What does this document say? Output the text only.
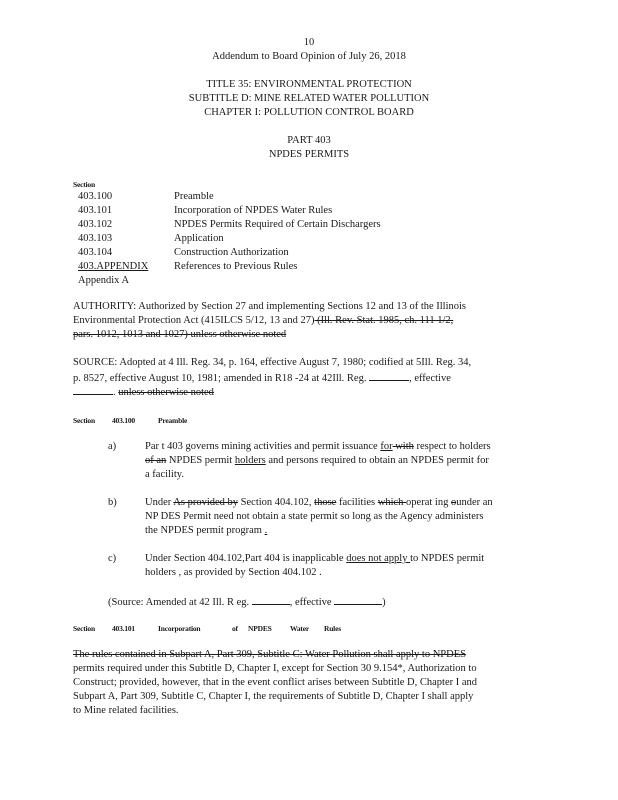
10
Addendum to Board Opinion of July 26, 2018
TITLE 35: ENVIRONMENTAL PROTECTION
SUBTITLE D: MINE RELATED WATER POLLUTION
CHAPTER I: POLLUTION CONTROL BOARD
PART 403
NPDES PERMITS
Section
403.100	Preamble
403.101	Incorporation of NPDES Water Rules
403.102	NPDES Permits Required of Certain Dischargers
403.103	Application
403.104	Construction Authorization
403.APPENDIX	References to Previous Rules
Appendix A
AUTHORITY: Authorized by Section 27 and implementing Sections 12 and 13 of the Illinois
Environmental Protection Act (415ILCS 5/12, 13 and 27) (Ill. Rev. Stat. 1985, ch. 111 1/2,
pars. 1012, 1013 and 1027) unless otherwise noted
SOURCE: Adopted at 4 Ill. Reg. 34, p. 164, effective August 7, 1980; codified at 5Ill. Reg. 34,
p. 8527, effective August 10, 1981; amended in R18 -24 at 42Ill. Reg.	, effective
. unless otherwise noted
Section 403.100	Preamble
a)	Par t 403 governs mining activities and permit issuance for with respect to holders
of an NPDES permit holders and persons required to obtain an NPDES permit for
a facility.
b)	Under As provided by Section 404.102, those facilities which operat ing ounder an
NP DES Permit need not obtain a state permit so long as the Agency administers
the NPDES permit program .
c)	Under Section 404.102,Part 404 is inapplicable does not apply to NPDES permit
holders , as provided by Section 404.102 .
(Source: Amended at 42 Ill. R eg.	, effective	)
Section 403.101	Incorporation	of NPDES Water Rules
The rules contained in Subpart A, Part 309, Subtitle C: Water Pollution shall apply to NPDES
permits required under this Subtitle D, Chapter I, except for Section 30 9.154*, Authorization to
Construct; provided, however, that in the event conflict arises between Subtitle D, Chapter I and
Subpart A, Part 309, Subtitle C, Chapter I, the requirements of Subtitle D, Chapter I shall apply
to Mine related facilities.
